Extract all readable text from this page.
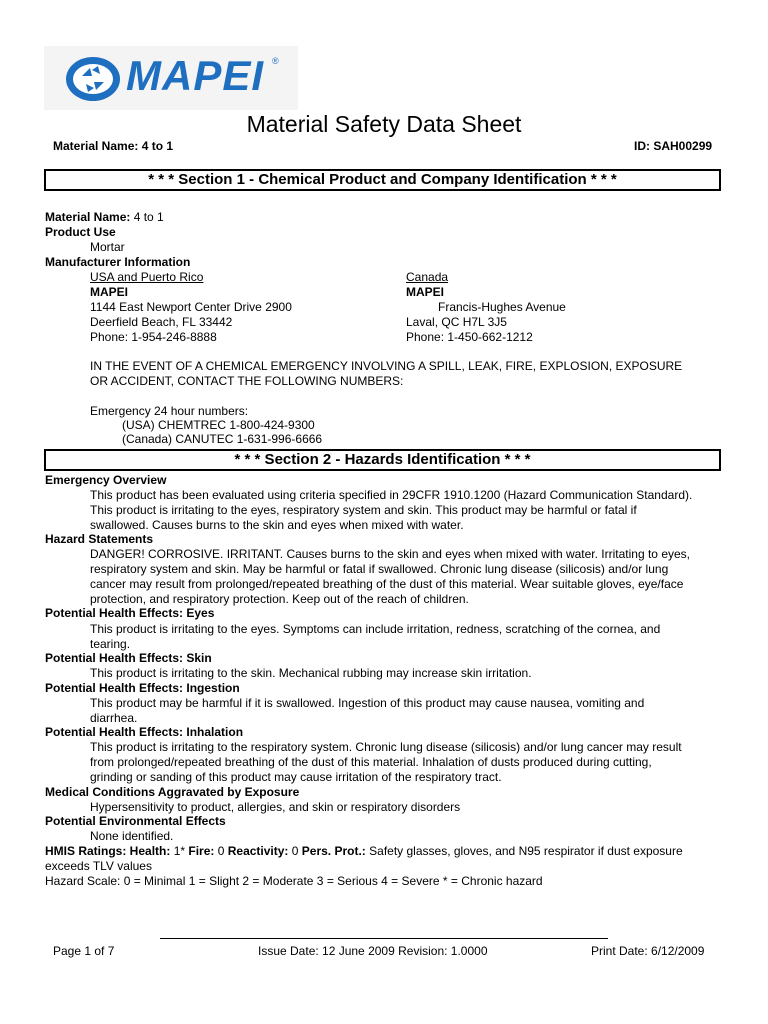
MAPEI ®
Material Safety Data Sheet
Material Name: 4 to 1	ID: SAH00299
* * * Section 1 - Chemical Product and Company Identification * * *
Material Name: 4 to 1
Product Use
Mortar
Manufacturer Information
USA and Puerto Rico
MAPEI
1144 East Newport Center Drive 2900
Deerfield Beach, FL 33442
Phone: 1-954-246-8888
Canada
MAPEI
Francis-Hughes Avenue
Laval, QC H7L 3J5
Phone: 1-450-662-1212
IN THE EVENT OF A CHEMICAL EMERGENCY INVOLVING A SPILL, LEAK, FIRE, EXPLOSION, EXPOSURE
OR ACCIDENT, CONTACT THE FOLLOWING NUMBERS:
Emergency 24 hour numbers:
(USA) CHEMTREC 1-800-424-9300
(Canada) CANUTEC 1-631-996-6666
* * * Section 2 - Hazards Identification * * *
Emergency Overview
This product has been evaluated using criteria specified in 29CFR 1910.1200 (Hazard Communication Standard).
This product is irritating to the eyes, respiratory system and skin. This product may be harmful or fatal if
swallowed. Causes burns to the skin and eyes when mixed with water.
Hazard Statements
DANGER! CORROSIVE. IRRITANT. Causes burns to the skin and eyes when mixed with water. Irritating to eyes,
respiratory system and skin. May be harmful or fatal if swallowed. Chronic lung disease (silicosis) and/or lung
cancer may result from prolonged/repeated breathing of the dust of this material. Wear suitable gloves, eye/face
protection, and respiratory protection. Keep out of the reach of children.
Potential Health Effects: Eyes
This product is irritating to the eyes. Symptoms can include irritation, redness, scratching of the cornea, and
tearing.
Potential Health Effects: Skin
This product is irritating to the skin. Mechanical rubbing may increase skin irritation.
Potential Health Effects: Ingestion
This product may be harmful if it is swallowed. Ingestion of this product may cause nausea, vomiting and
diarrhea.
Potential Health Effects: Inhalation
This product is irritating to the respiratory system. Chronic lung disease (silicosis) and/or lung cancer may result
from prolonged/repeated breathing of the dust of this material. Inhalation of dusts produced during cutting,
grinding or sanding of this product may cause irritation of the respiratory tract.
Medical Conditions Aggravated by Exposure
Hypersensitivity to product, allergies, and skin or respiratory disorders
Potential Environmental Effects
None identified.
HMIS Ratings: Health: 1* Fire: 0 Reactivity: 0 Pers. Prot.: Safety glasses, gloves, and N95 respirator if dust exposure
exceeds TLV values
Hazard Scale: 0 = Minimal 1 = Slight 2 = Moderate 3 = Serious 4 = Severe * = Chronic hazard
Page 1 of 7	Issue Date: 12 June 2009 Revision: 1.0000	Print Date: 6/12/2009
